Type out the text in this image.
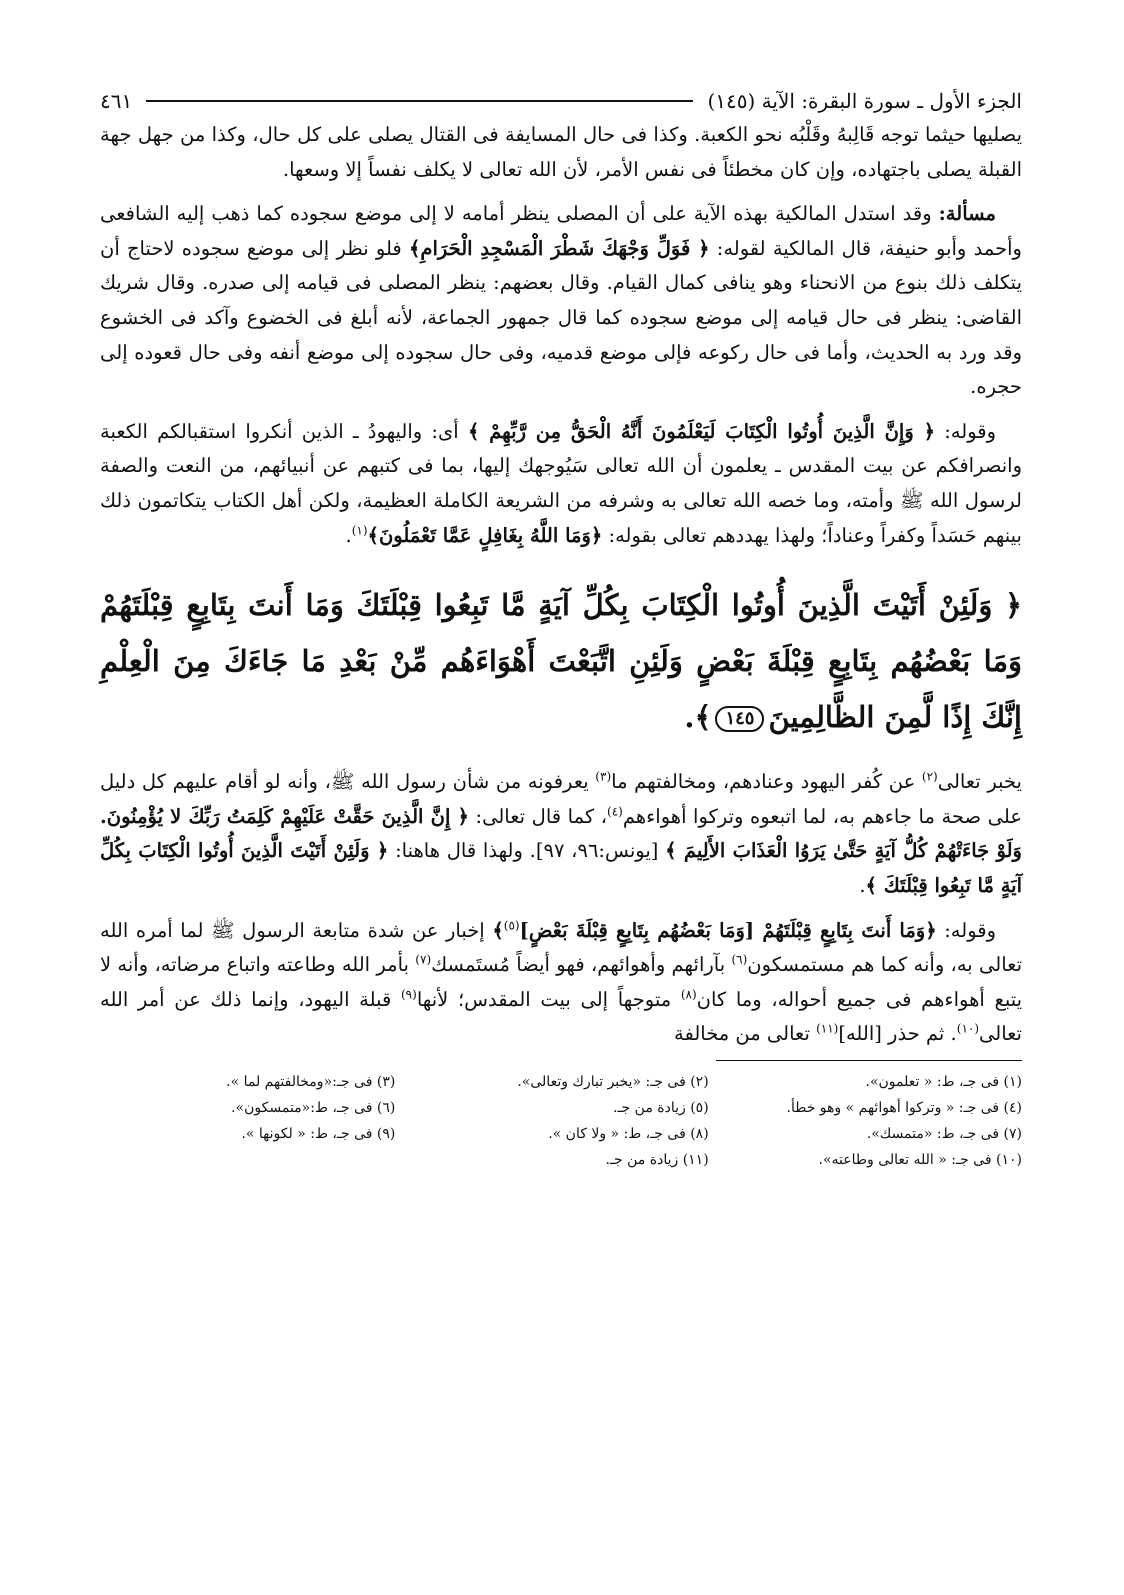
الجزء الأول ـ سورة البقرة: الآية (١٤٥)
٤٦١

يصليها حيثما توجه قَالِبهُ وقَلْبُه نحو الكعبة. وكذا فى حال المسايفة فى القتال يصلى على كل حال، وكذا من جهل جهة القبلة يصلى باجتهاده، وإن كان مخطئاً فى نفس الأمر، لأن الله تعالى لا يكلف نفساً إلا وسعها.

مسألة: وقد استدل المالكية بهذه الآية على أن المصلى ينظر أمامه لا إلى موضع سجوده كما ذهب إليه الشافعى وأحمد وأبو حنيفة، قال المالكية لقوله: ﴿ فَوَلِّ وَجْهَكَ شَطْرَ الْمَسْجِدِ الْحَرَامِ﴾ فلو نظر إلى موضع سجوده لاحتاج أن يتكلف ذلك بنوع من الانحناء وهو ينافى كمال القيام. وقال بعضهم: ينظر المصلى فى قيامه إلى صدره. وقال شريك القاضى: ينظر فى حال قيامه إلى موضع سجوده كما قال جمهور الجماعة، لأنه أبلغ فى الخضوع وآكد فى الخشوع وقد ورد به الحديث، وأما فى حال ركوعه فإلى موضع قدميه، وفى حال سجوده إلى موضع أنفه وفى حال قعوده إلى حجره.

وقوله: ﴿ وَإِنَّ الَّذِينَ أُوتُوا الْكِتَابَ لَيَعْلَمُونَ أَنَّهُ الْحَقُّ مِن رَّبِّهِمْ ﴾ أى: واليهودُ ـ الذين أنكروا استقبالكم الكعبة وانصرافكم عن بيت المقدس ـ يعلمون أن الله تعالى سَيُوجهك إليها، بما فى كتبهم عن أنبيائهم، من النعت والصفة لرسول الله ﷺ وأمته، وما خصه الله تعالى به وشرفه من الشريعة الكاملة العظيمة، ولكن أهل الكتاب يتكاتمون ذلك بينهم حَسَداً وكفراً وعناداً؛ ولهذا يهددهم تعالى بقوله: ﴿وَمَا اللَّهُ بِغَافِلٍ عَمَّا تَعْمَلُونَ﴾$^{(١)}$.

﴿ وَلَئِنْ أَتَيْتَ الَّذِينَ أُوتُوا الْكِتَابَ بِكُلِّ آيَةٍ مَّا تَبِعُوا قِبْلَتَكَ وَمَا أَنتَ بِتَابِعٍ قِبْلَتَهُمْ وَمَا بَعْضُهُم بِتَابِعٍ قِبْلَةَ بَعْضٍ وَلَئِنِ اتَّبَعْتَ أَهْوَاءَهُم مِّنْ بَعْدِ مَا جَاءَكَ مِنَ الْعِلْمِ إِنَّكَ إِذًا لَّمِنَ الظَّالِمِينَ١٤٥﴾.

يخبر تعالى$^{(٢)}$ عن كُفر اليهود وعنادهم، ومخالفتهم ما$^{(٣)}$ يعرفونه من شأن رسول الله ﷺ، وأنه لو أقام عليهم كل دليل على صحة ما جاءهم به، لما اتبعوه وتركوا أهواءهم$^{(٤)}$، كما قال تعالى: ﴿ إِنَّ الَّذِينَ حَقَّتْ عَلَيْهِمْ كَلِمَتُ رَبِّكَ لا يُؤْمِنُونَ. وَلَوْ جَاءَتْهُمْ كُلُّ آيَةٍ حَتَّىٰ يَرَوُا الْعَذَابَ الأَلِيمَ ﴾ [يونس:٩٦، ٩٧]. ولهذا قال هاهنا: ﴿ وَلَئِنْ أَتَيْتَ الَّذِينَ أُوتُوا الْكِتَابَ بِكُلِّ آيَةٍ مَّا تَبِعُوا قِبْلَتَكَ ﴾.

وقوله: ﴿وَمَا أَنتَ بِتَابِعٍ قِبْلَتَهُمْ [وَمَا بَعْضُهُم بِتَابِعٍ قِبْلَةَ بَعْضٍ]$^{(٥)}$﴾ إخبار عن شدة متابعة الرسول ﷺ لما أمره الله تعالى به، وأنه كما هم مستمسكون$^{(٦)}$ بآرائهم وأهوائهم، فهو أيضاً مُستَمسك$^{(٧)}$ بأمر الله وطاعته واتباع مرضاته، وأنه لا يتبع أهواءهم فى جميع أحواله، وما كان$^{(٨)}$ متوجهاً إلى بيت المقدس؛ لأنها$^{(٩)}$ قبلة اليهود، وإنما ذلك عن أمر الله تعالى$^{(١٠)}$. ثم حذر [الله]$^{(١١)}$ تعالى من مخالفة

(١) فى جـ، ط: « تعلمون».
(٢) فى جـ: «يخبر تبارك وتعالى».
(٣) فى جـ:«ومخالفتهم لما ».
(٤) فى جـ: « وتركوا أهوائهم » وهو خطأ.
(٥) زيادة من جـ.
(٦) فى جـ، ط:«متمسكون».
(٧) فى جـ، ط: «متمسك».
(٨) فى جـ، ط: « ولا كان ».
(٩) فى جـ، ط: « لكونها ».
(١٠) فى جـ: « الله تعالى وطاعته».
(١١) زيادة من جـ.
